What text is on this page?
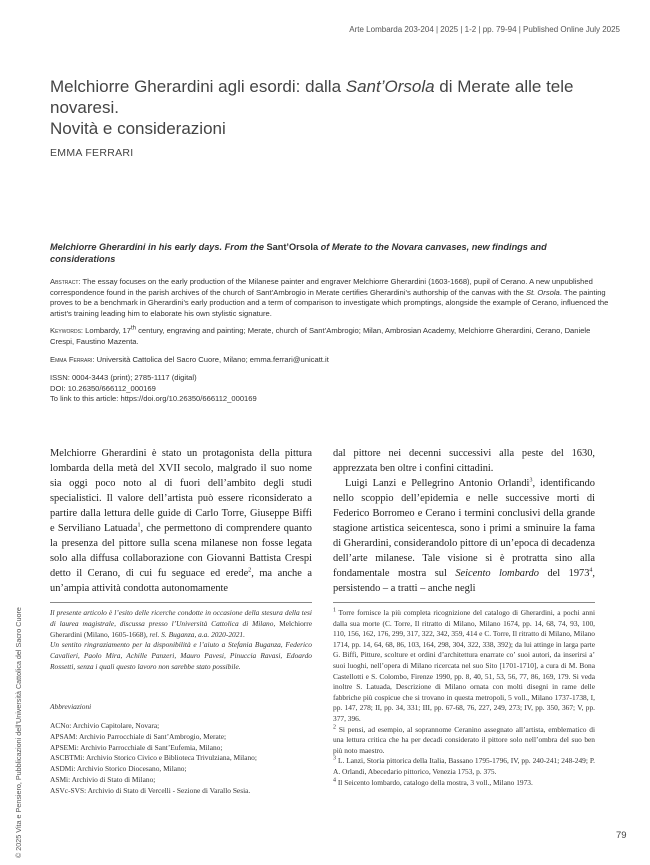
Arte Lombarda 203-204 | 2025 | 1-2 | pp. 79-94 | Published Online July 2025
Melchiorre Gherardini agli esordi: dalla Sant’Orsola di Merate alle tele novaresi.
Novità e considerazioni
EMMA FERRARI
Melchiorre Gherardini in his early days. From the Sant’Orsola of Merate to the Novara canvases, new findings and considerations

Abstract: The essay focuses on the early production of the Milanese painter and engraver Melchiorre Gherardini (1603-1668), pupil of Cerano. A new unpublished correspondence found in the parish archives of the church of Sant’Ambrogio in Merate certifies Gherardini’s authorship of the canvas with the St. Orsola. The painting proves to be a benchmark in Gherardini’s early production and a term of comparison to investigate which promptings, alongside the example of Cerano, influenced the artist’s training leading him to elaborate his own stylistic signature.

Keywords: Lombardy, 17th century, engraving and painting; Merate, church of Sant’Ambrogio; Milan, Ambrosian Academy, Melchiorre Gherardini, Cerano, Daniele Crespi, Faustino Mazenta.

Emma Ferrari: Università Cattolica del Sacro Cuore, Milano; emma.ferrari@unicatt.it

ISSN: 0004-3443 (print); 2785-1117 (digital)
DOI: 10.26350/666112_000169
To link to this article: https://doi.org/10.26350/666112_000169

Melchiorre Gherardini è stato un protagonista della pittura lombarda della metà del XVII secolo, malgrado il suo nome sia oggi poco noto al di fuori dell’ambito degli studi specialistici. Il valore dell’artista può essere riconsiderato a partire dalla lettura delle guide di Carlo Torre, Giuseppe Biffi e Serviliano Latuada$^1$, che permettono di comprendere quanto la presenza del pittore sulla scena milanese non fosse legata solo alla diffusa collaborazione con Giovanni Battista Crespi detto il Cerano, di cui fu seguace ed erede$^2$, ma anche a un’ampia attività condotta autonomamente

dal pittore nei decenni successivi alla peste del 1630, apprezzata ben oltre i confini cittadini.

Luigi Lanzi e Pellegrino Antonio Orlandi$^3$, identificando nello scoppio dell’epidemia e nelle successive morti di Federico Borromeo e Cerano i termini conclusivi della grande stagione artistica seicentesca, sono i primi a sminuire la fama di Gherardini, considerandolo pittore di un’epoca di decadenza dell’arte milanese. Tale visione si è protratta sino alla fondamentale mostra sul Seicento lombardo del 1973$^4$, persistendo – a tratti – anche negli

Il presente articolo è l’esito delle ricerche condotte in occasione della stesura della tesi di laurea magistrale, discussa presso l’Università Cattolica di Milano, Melchiorre Gherardini (Milano, 1605-1668), rel. S. Buganza, a.a. 2020-2021.

Un sentito ringraziamento per la disponibilità e l’aiuto a Stefania Buganza, Federico Cavalieri, Paolo Mira, Achille Panzeri, Mauro Pavesi, Pinuccia Ravasi, Edoardo Rossetti, senza i quali questo lavoro non sarebbe stato possibile.

Abbreviazioni
ACNo: Archivio Capitolare, Novara;
APSAM: Archivio Parrocchiale di Sant’Ambrogio, Merate;
APSEMi: Archivio Parrocchiale di Sant’Eufemia, Milano;
ASCBTMi: Archivio Storico Civico e Biblioteca Trivulziana, Milano;
ASDMi: Archivio Storico Diocesano, Milano;
ASMi: Archivio di Stato di Milano;
ASVc-SVS: Archivio di Stato di Vercelli - Sezione di Varallo Sesia.
$^1$ Torre fornisce la più completa ricognizione del catalogo di Gherardini, a pochi anni dalla sua morte (C. Torre, Il ritratto di Milano, Milano 1674, pp. 14, 68, 74, 93, 100, 110, 156, 162, 176, 299, 317, 322, 342, 359, 414 e C. Torre, Il ritratto di Milano, Milano 1714, pp. 14, 64, 68, 86, 103, 164, 298, 304, 322, 338, 392); da lui attinge in larga parte G. Biffi, Pitture, scolture et ordini d’architettura enarrate co’ suoi autori, da inserirsi a’ suoi luoghi, nell’opera di Milano ricercata nel suo Sito [1701-1710], a cura di M. Bona Castellotti e S. Colombo, Firenze 1990, pp. 8, 40, 51, 53, 56, 77, 86, 169, 179. Si veda inoltre S. Latuada, Descrizione di Milano ornata con molti disegni in rame delle fabbriche più cospicue che si trovano in questa metropoli, 5 voll., Milano 1737-1738, I, pp. 147, 278; II, pp. 34, 331; III, pp. 67-68, 76, 227, 249, 273; IV, pp. 350, 367; V, pp. 377, 396.
$^2$ Si pensi, ad esempio, al soprannome Ceranino assegnato all’artista, emblematico di una lettura critica che ha per decadi considerato il pittore solo nell’ombra del suo ben più noto maestro.
$^3$ L. Lanzi, Storia pittorica della Italia, Bassano 1795-1796, IV, pp. 240-241; 248-249; P. A. Orlandi, Abecedario pittorico, Venezia 1753, p. 375.
$^4$ Il Seicento lombardo, catalogo della mostra, 3 voll., Milano 1973.
79
© 2025 Vita e Pensiero, Pubblicazioni dell’Università Cattolica del Sacro Cuore
